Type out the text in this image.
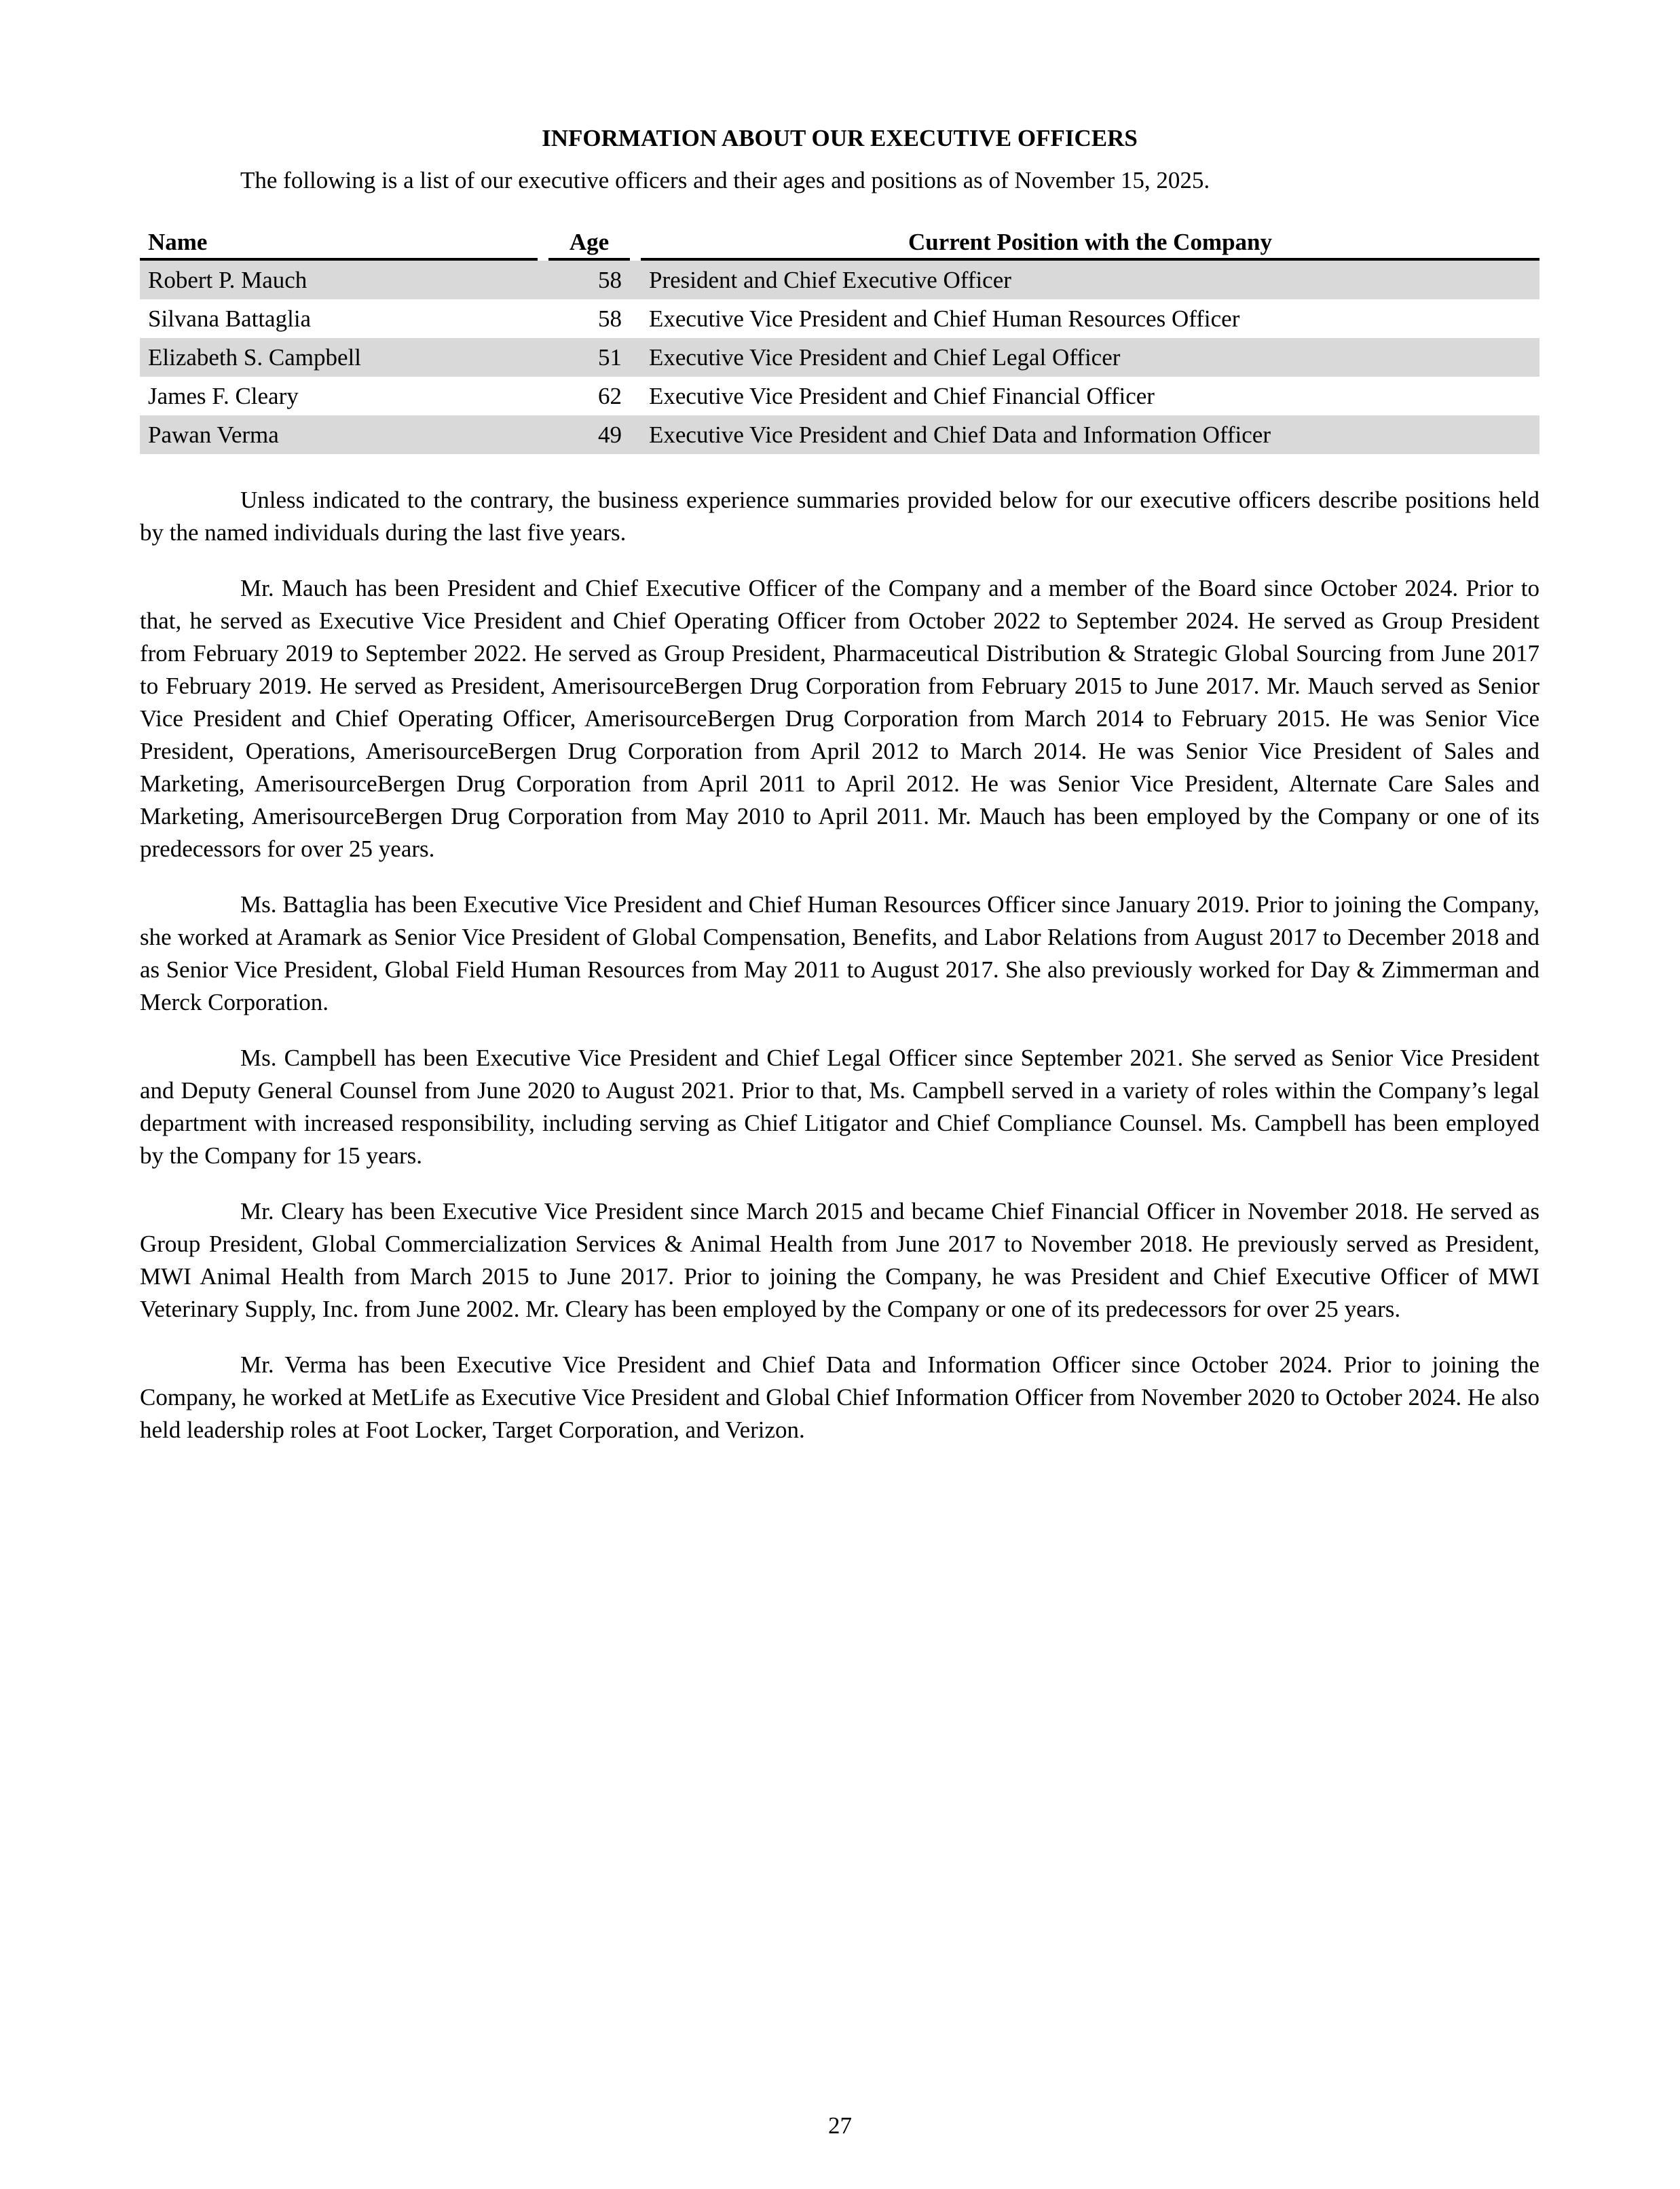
INFORMATION ABOUT OUR EXECUTIVE OFFICERS
The following is a list of our executive officers and their ages and positions as of November 15, 2025.
Name		Age		Current Position with the Company

Robert P. Mauch		58		President and Chief Executive Officer
Silvana Battaglia		58		Executive Vice President and Chief Human Resources Officer
Elizabeth S. Campbell		51		Executive Vice President and Chief Legal Officer
James F. Cleary		62		Executive Vice President and Chief Financial Officer
Pawan Verma		49		Executive Vice President and Chief Data and Information Officer

Unless indicated to the contrary, the business experience summaries provided below for our executive officers describe positions held by the named individuals during the last five years.

Mr. Mauch has been President and Chief Executive Officer of the Company and a member of the Board since October 2024. Prior to that, he served as Executive Vice President and Chief Operating Officer from October 2022 to September 2024. He served as Group President from February 2019 to September 2022. He served as Group President, Pharmaceutical Distribution & Strategic Global Sourcing from June 2017 to February 2019. He served as President, AmerisourceBergen Drug Corporation from February 2015 to June 2017. Mr. Mauch served as Senior Vice President and Chief Operating Officer, AmerisourceBergen Drug Corporation from March 2014 to February 2015. He was Senior Vice President, Operations, AmerisourceBergen Drug Corporation from April 2012 to March 2014. He was Senior Vice President of Sales and Marketing, AmerisourceBergen Drug Corporation from April 2011 to April 2012. He was Senior Vice President, Alternate Care Sales and Marketing, AmerisourceBergen Drug Corporation from May 2010 to April 2011. Mr. Mauch has been employed by the Company or one of its predecessors for over 25 years.

Ms. Battaglia has been Executive Vice President and Chief Human Resources Officer since January 2019. Prior to joining the Company, she worked at Aramark as Senior Vice President of Global Compensation, Benefits, and Labor Relations from August 2017 to December 2018 and as Senior Vice President, Global Field Human Resources from May 2011 to August 2017. She also previously worked for Day & Zimmerman and Merck Corporation.

Ms. Campbell has been Executive Vice President and Chief Legal Officer since September 2021. She served as Senior Vice President and Deputy General Counsel from June 2020 to August 2021. Prior to that, Ms. Campbell served in a variety of roles within the Company’s legal department with increased responsibility, including serving as Chief Litigator and Chief Compliance Counsel. Ms. Campbell has been employed by the Company for 15 years.

Mr. Cleary has been Executive Vice President since March 2015 and became Chief Financial Officer in November 2018. He served as Group President, Global Commercialization Services & Animal Health from June 2017 to November 2018. He previously served as President, MWI Animal Health from March 2015 to June 2017. Prior to joining the Company, he was President and Chief Executive Officer of MWI Veterinary Supply, Inc. from June 2002. Mr. Cleary has been employed by the Company or one of its predecessors for over 25 years.

Mr. Verma has been Executive Vice President and Chief Data and Information Officer since October 2024. Prior to joining the Company, he worked at MetLife as Executive Vice President and Global Chief Information Officer from November 2020 to October 2024. He also held leadership roles at Foot Locker, Target Corporation, and Verizon.

27
